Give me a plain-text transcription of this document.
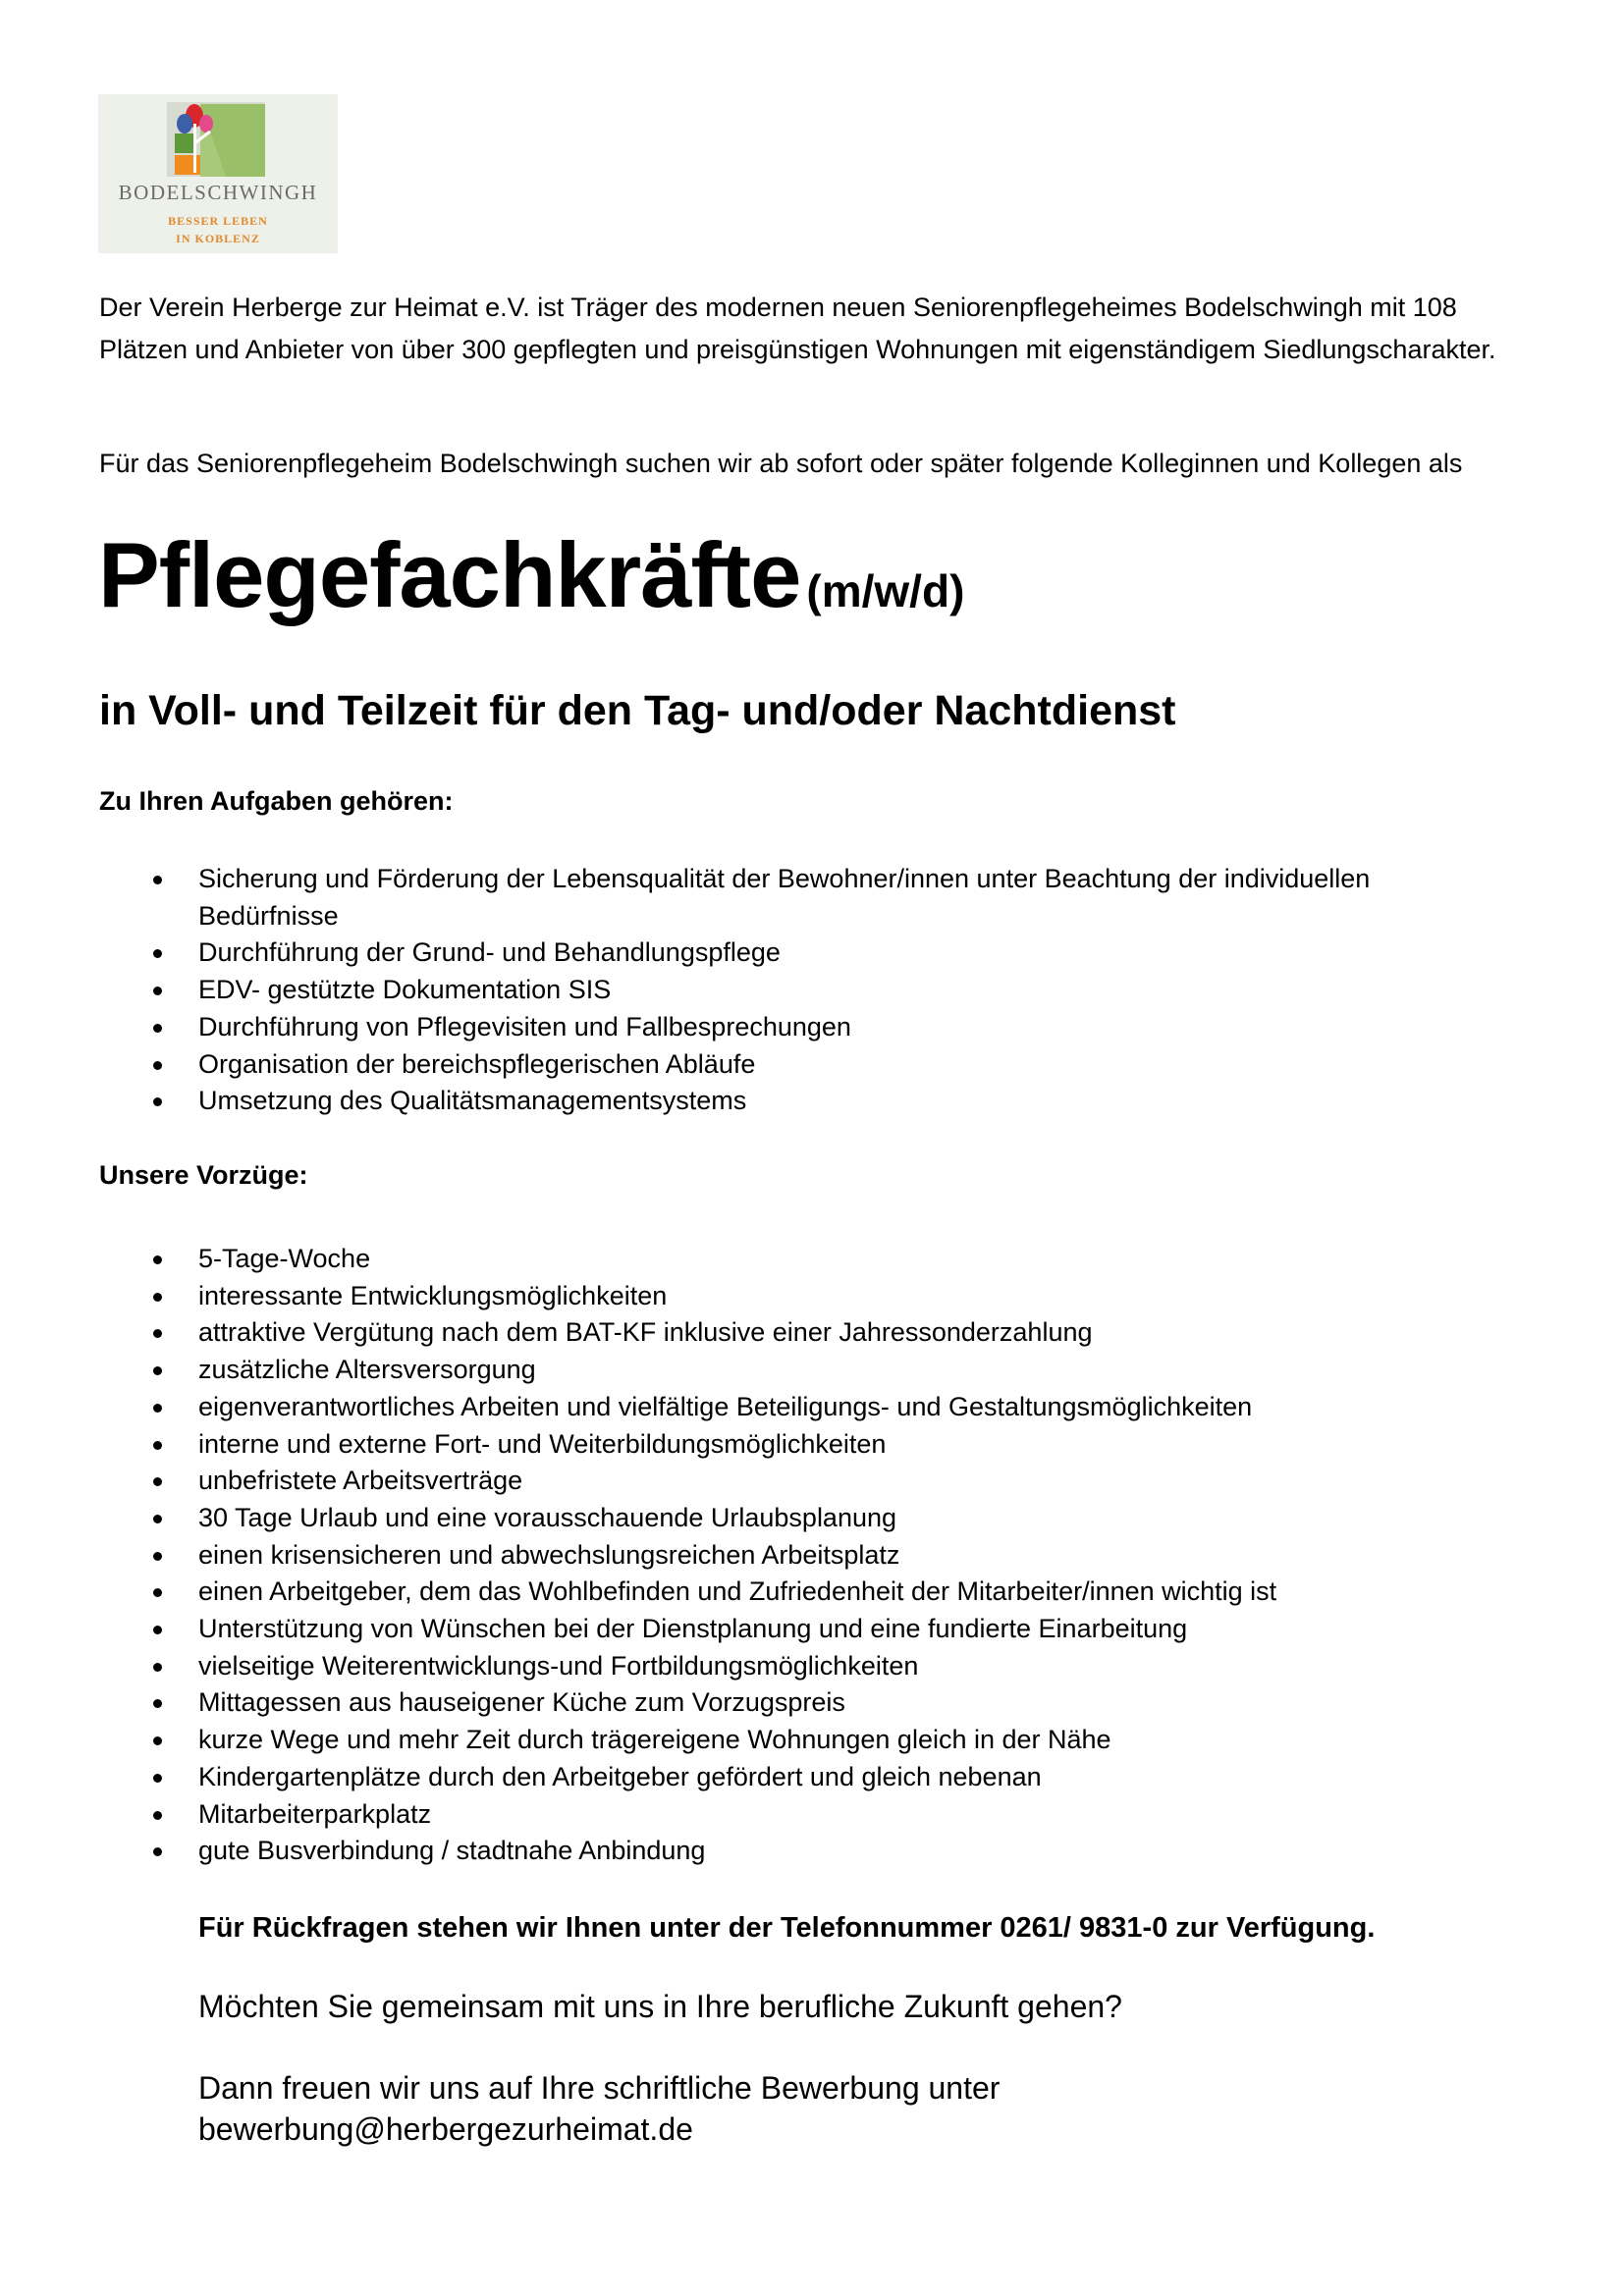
BODELSCHWINGH
BESSER LEBEN
IN KOBLENZ
Der Verein Herberge zur Heimat e.V. ist Träger des modernen neuen Seniorenpflegeheimes Bodelschwingh mit 108 Plätzen und Anbieter von über 300 gepflegten und preisgünstigen Wohnungen mit eigenständigem Siedlungscharakter.
Für das Seniorenpflegeheim Bodelschwingh suchen wir ab sofort oder später folgende Kolleginnen und Kollegen als
Pflegefachkräfte (m/w/d)
in Voll- und Teilzeit für den Tag- und/oder Nachtdienst
Zu Ihren Aufgaben gehören:
Sicherung und Förderung der Lebensqualität der Bewohner/innen unter Beachtung der individuellen Bedürfnisse
Durchführung der Grund- und Behandlungspflege
EDV- gestützte Dokumentation SIS
Durchführung von Pflegevisiten und Fallbesprechungen
Organisation der bereichspflegerischen Abläufe
Umsetzung des Qualitätsmanagementsystems
Unsere Vorzüge:
5-Tage-Woche
interessante Entwicklungsmöglichkeiten
attraktive Vergütung nach dem BAT-KF inklusive einer Jahressonderzahlung
zusätzliche Altersversorgung
eigenverantwortliches Arbeiten und vielfältige Beteiligungs- und Gestaltungsmöglichkeiten
interne und externe Fort- und Weiterbildungsmöglichkeiten
unbefristete Arbeitsverträge
30 Tage Urlaub und eine vorausschauende Urlaubsplanung
einen krisensicheren und abwechslungsreichen Arbeitsplatz
einen Arbeitgeber, dem das Wohlbefinden und Zufriedenheit der Mitarbeiter/innen wichtig ist
Unterstützung von Wünschen bei der Dienstplanung und eine fundierte Einarbeitung
vielseitige Weiterentwicklungs-und Fortbildungsmöglichkeiten
Mittagessen aus hauseigener Küche zum Vorzugspreis
kurze Wege und mehr Zeit durch trägereigene Wohnungen gleich in der Nähe
Kindergartenplätze durch den Arbeitgeber gefördert und gleich nebenan
Mitarbeiterparkplatz
gute Busverbindung / stadtnahe Anbindung
Für Rückfragen stehen wir Ihnen unter der Telefonnummer 0261/ 9831-0 zur Verfügung.
Möchten Sie gemeinsam mit uns in Ihre berufliche Zukunft gehen?
Dann freuen wir uns auf Ihre schriftliche Bewerbung unter
bewerbung@herbergezurheimat.de
